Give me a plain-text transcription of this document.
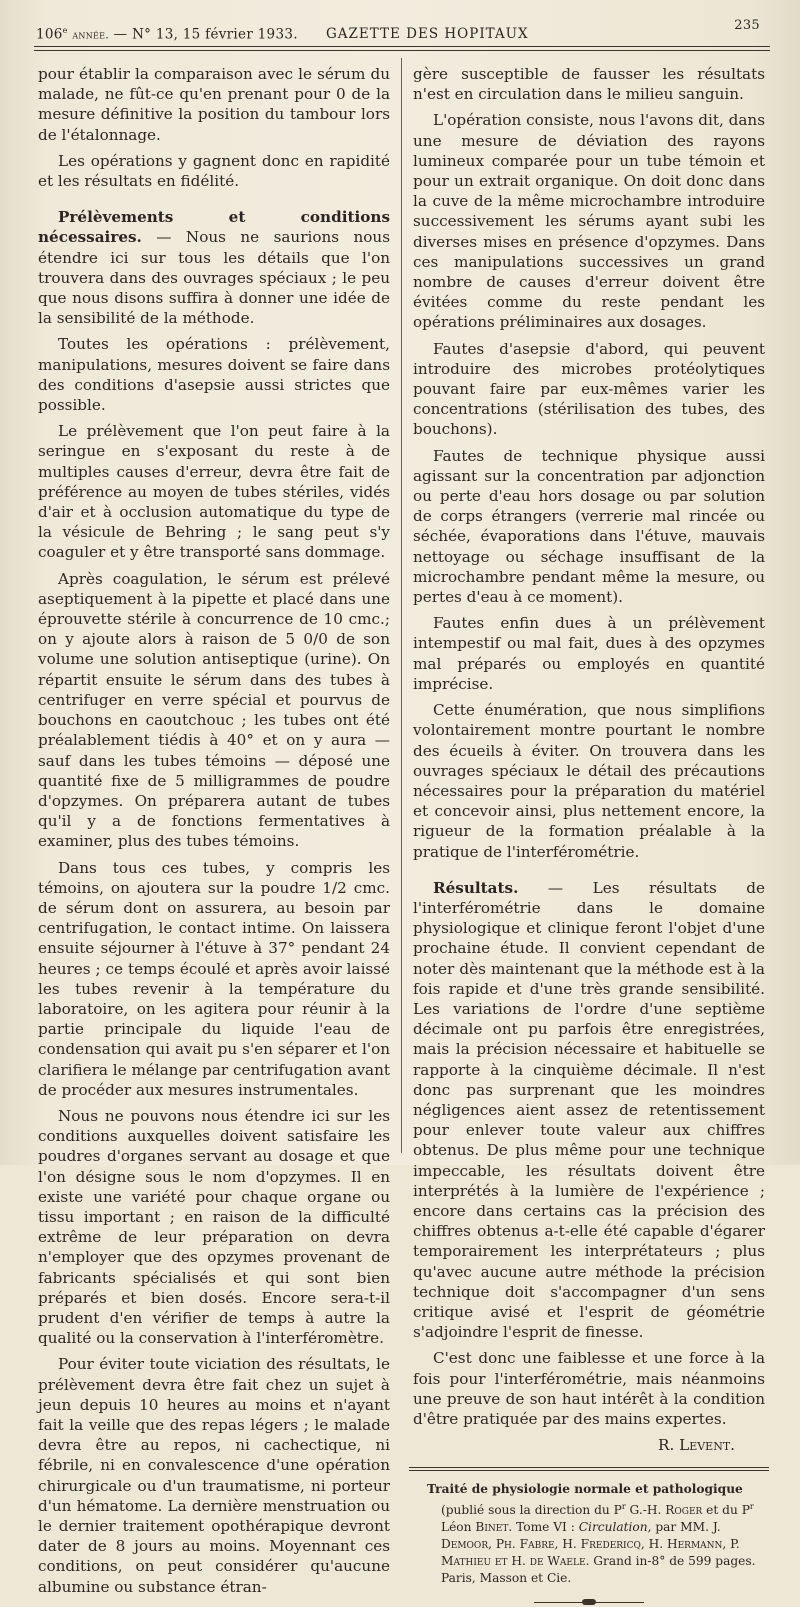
106e année. — N° 13, 15 février 1933. GAZETTE DES HOPITAUX
235

pour établir la comparaison avec le sérum du malade, ne fût-ce qu'en prenant pour 0 de la mesure définitive la position du tambour lors de l'étalonnage.

Les opérations y gagnent donc en rapidité et les résultats en fidélité.

Prélèvements et conditions nécessaires. — Nous ne saurions nous étendre ici sur tous les détails que l'on trouvera dans des ouvrages spéciaux ; le peu que nous disons suffira à donner une idée de la sensibilité de la méthode.

Toutes les opérations : prélèvement, manipulations, mesures doivent se faire dans des conditions d'asepsie aussi strictes que possible.

Le prélèvement que l'on peut faire à la seringue en s'exposant du reste à de multiples causes d'erreur, devra être fait de préférence au moyen de tubes stériles, vidés d'air et à occlusion automatique du type de la vésicule de Behring ; le sang peut s'y coaguler et y être transporté sans dommage.

Après coagulation, le sérum est prélevé aseptiquement à la pipette et placé dans une éprouvette stérile à concurrence de 10 cmc.; on y ajoute alors à raison de 5 0/0 de son volume une solution antiseptique (urine). On répartit ensuite le sérum dans des tubes à centrifuger en verre spécial et pourvus de bouchons en caoutchouc ; les tubes ont été préalablement tiédis à 40° et on y aura — sauf dans les tubes témoins — déposé une quantité fixe de 5 milligrammes de poudre d'opzymes. On préparera autant de tubes qu'il y a de fonctions fermentatives à examiner, plus des tubes témoins.

Dans tous ces tubes, y compris les témoins, on ajoutera sur la poudre 1/2 cmc. de sérum dont on assurera, au besoin par centrifugation, le contact intime. On laissera ensuite séjourner à l'étuve à 37° pendant 24 heures ; ce temps écoulé et après avoir laissé les tubes revenir à la température du laboratoire, on les agitera pour réunir à la partie principale du liquide l'eau de condensation qui avait pu s'en séparer et l'on clarifiera le mélange par centrifugation avant de procéder aux mesures instrumentales.

Nous ne pouvons nous étendre ici sur les conditions auxquelles doivent satisfaire les poudres d'organes servant au dosage et que l'on désigne sous le nom d'opzymes. Il en existe une variété pour chaque organe ou tissu important ; en raison de la difficulté extrême de leur préparation on devra n'employer que des opzymes provenant de fabricants spécialisés et qui sont bien préparés et bien dosés. Encore sera-t-il prudent d'en vérifier de temps à autre la qualité ou la conservation à l'interféromètre.

Pour éviter toute viciation des résultats, le prélèvement devra être fait chez un sujet à jeun depuis 10 heures au moins et n'ayant fait la veille que des repas légers ; le malade devra être au repos, ni cachectique, ni fébrile, ni en convalescence d'une opération chirurgicale ou d'un traumatisme, ni porteur d'un hématome. La dernière menstruation ou le dernier traitement opothérapique devront dater de 8 jours au moins. Moyennant ces conditions, on peut considérer qu'aucune albumine ou substance étran-

gère susceptible de fausser les résultats n'est en circulation dans le milieu sanguin.

L'opération consiste, nous l'avons dit, dans une mesure de déviation des rayons lumineux comparée pour un tube témoin et pour un extrait organique. On doit donc dans la cuve de la même microchambre introduire successivement les sérums ayant subi les diverses mises en présence d'opzymes. Dans ces manipulations successives un grand nombre de causes d'erreur doivent être évitées comme du reste pendant les opérations préliminaires aux dosages.

Fautes d'asepsie d'abord, qui peuvent introduire des microbes protéolytiques pouvant faire par eux-mêmes varier les concentrations (stérilisation des tubes, des bouchons).

Fautes de technique physique aussi agissant sur la concentration par adjonction ou perte d'eau hors dosage ou par solution de corps étrangers (verrerie mal rincée ou séchée, évaporations dans l'étuve, mauvais nettoyage ou séchage insuffisant de la microchambre pendant même la mesure, ou pertes d'eau à ce moment).

Fautes enfin dues à un prélèvement intempestif ou mal fait, dues à des opzymes mal préparés ou employés en quantité imprécise.

Cette énumération, que nous simplifions volontairement montre pourtant le nombre des écueils à éviter. On trouvera dans les ouvrages spéciaux le détail des précautions nécessaires pour la préparation du matériel et concevoir ainsi, plus nettement encore, la rigueur de la formation préalable à la pratique de l'interférométrie.

Résultats. — Les résultats de l'interférométrie dans le domaine physiologique et clinique feront l'objet d'une prochaine étude. Il convient cependant de noter dès maintenant que la méthode est à la fois rapide et d'une très grande sensibilité. Les variations de l'ordre d'une septième décimale ont pu parfois être enregistrées, mais la précision nécessaire et habituelle se rapporte à la cinquième décimale. Il n'est donc pas surprenant que les moindres négligences aient assez de retentissement pour enlever toute valeur aux chiffres obtenus. De plus même pour une technique impeccable, les résultats doivent être interprétés à la lumière de l'expérience ; encore dans certains cas la précision des chiffres obtenus a-t-elle été capable d'égarer temporairement les interprétateurs ; plus qu'avec aucune autre méthode la précision technique doit s'accompagner d'un sens critique avisé et l'esprit de géométrie s'adjoindre l'esprit de finesse.

C'est donc une faiblesse et une force à la fois pour l'interférométrie, mais néanmoins une preuve de son haut intérêt à la condition d'être pratiquée par des mains expertes.

R. Levent.

Traité de physiologie normale et pathologique (publié sous la direction du $P^r$ G.-H. Roger et du $P^r$ Léon Binet. Tome VI : Circulation, par MM. J. Demoor, Ph. Fabre, H. Fredericq, H. Hermann, P. Mathieu et H. de Waele. Grand in-8° de 599 pages. Paris, Masson et Cie.
